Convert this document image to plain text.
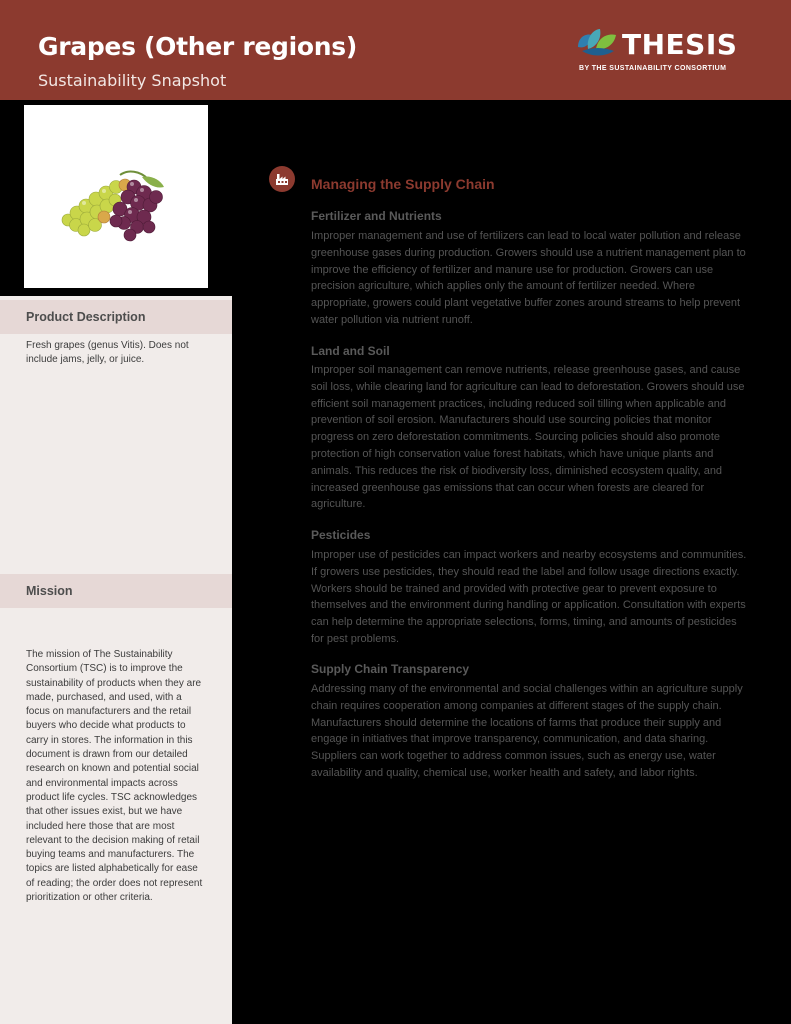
Grapes (Other regions)
Sustainability Snapshot
THESIS
BY THE SUSTAINABILITY CONSORTIUM
Product Description
Fresh grapes (genus Vitis). Does not include jams, jelly, or juice.
Mission
The mission of The Sustainability Consortium (TSC) is to improve the sustainability of products when they are made, purchased, and used, with a focus on manufacturers and the retail buyers who decide what products to carry in stores. The information in this document is drawn from our detailed research on known and potential social and environmental impacts across product life cycles. TSC acknowledges that other issues exist, but we have included here those that are most relevant to the decision making of retail buying teams and manufacturers. The topics are listed alphabetically for ease of reading; the order does not represent prioritization or other criteria.
Managing the Supply Chain
Fertilizer and Nutrients
Improper management and use of fertilizers can lead to local water pollution and release greenhouse gases during production. Growers should use a nutrient management plan to improve the efficiency of fertilizer and manure use for production. Growers can use precision agriculture, which applies only the amount of fertilizer needed. Where appropriate, growers could plant vegetative buffer zones around streams to help prevent water pollution via nutrient runoff.
Land and Soil
Improper soil management can remove nutrients, release greenhouse gases, and cause soil loss, while clearing land for agriculture can lead to deforestation. Growers should use efficient soil management practices, including reduced soil tilling when applicable and prevention of soil erosion. Manufacturers should use sourcing policies that monitor progress on zero deforestation commitments. Sourcing policies should also promote protection of high conservation value forest habitats, which have unique plants and animals. This reduces the risk of biodiversity loss, diminished ecosystem quality, and increased greenhouse gas emissions that can occur when forests are cleared for agriculture.
Pesticides
Improper use of pesticides can impact workers and nearby ecosystems and communities. If growers use pesticides, they should read the label and follow usage directions exactly. Workers should be trained and provided with protective gear to prevent exposure to themselves and the environment during handling or application. Consultation with experts can help determine the appropriate selections, forms, timing, and amounts of pesticides for pest problems.
Supply Chain Transparency
Addressing many of the environmental and social challenges within an agriculture supply chain requires cooperation among companies at different stages of the supply chain. Manufacturers should determine the locations of farms that produce their supply and engage in initiatives that improve transparency, communication, and data sharing. Suppliers can work together to address common issues, such as energy use, water availability and quality, chemical use, worker health and safety, and labor rights.
